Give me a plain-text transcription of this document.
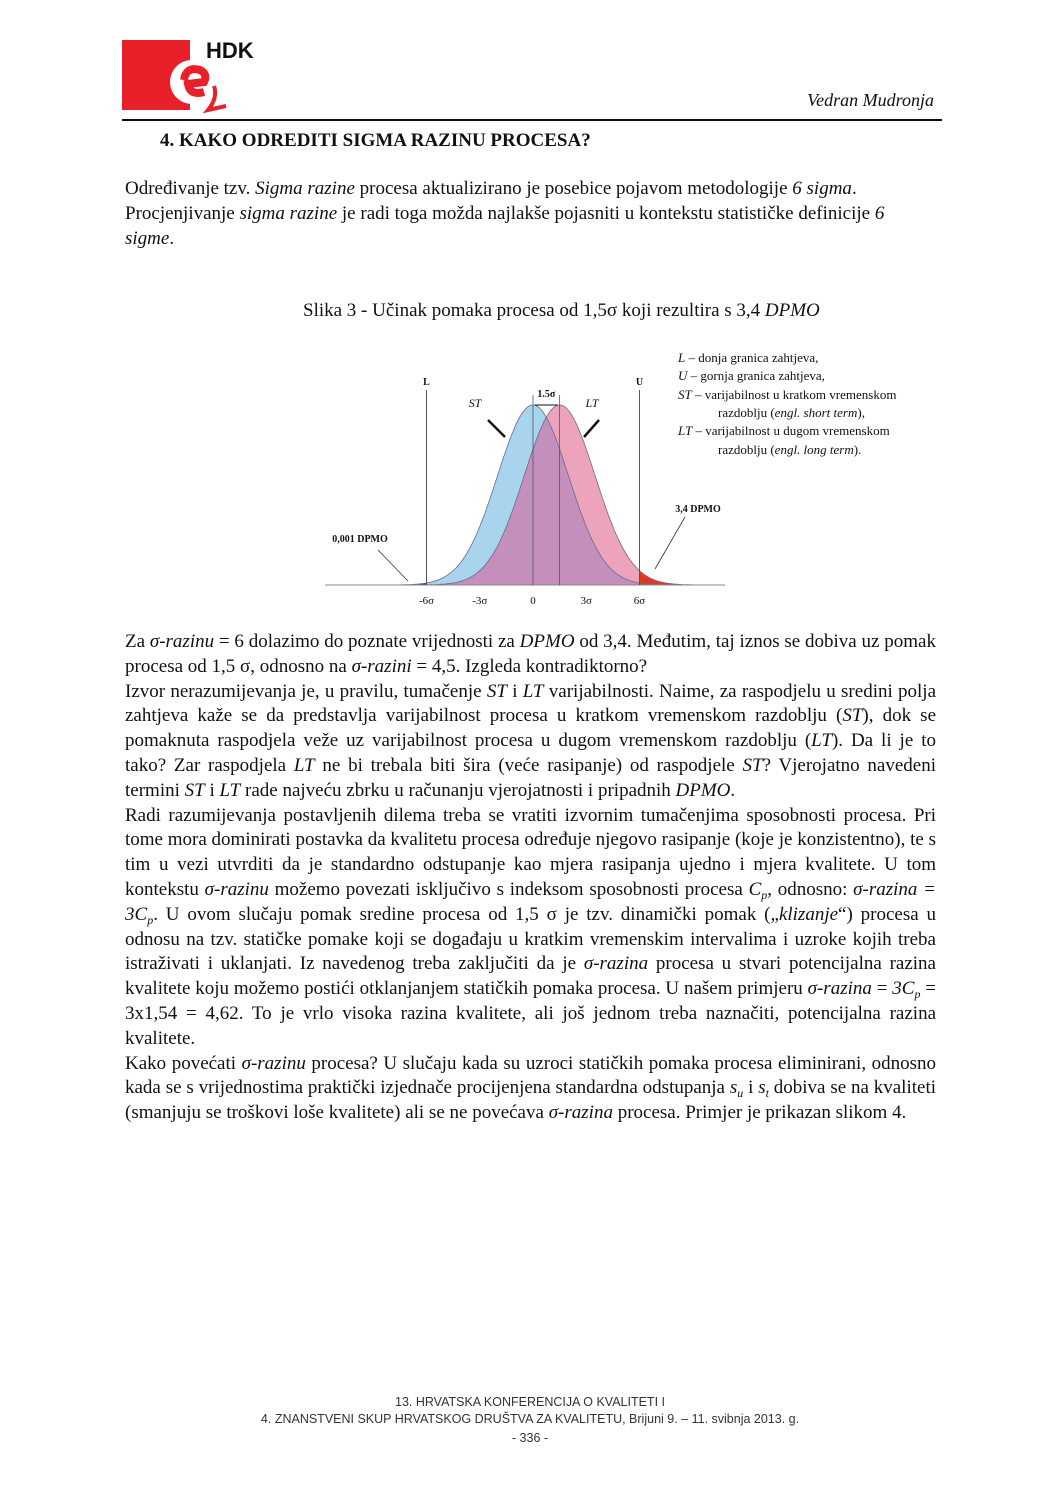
HDK
Vedran Mudronja
4. KAKO ODREDITI SIGMA RAZINU PROCESA?
Određivanje tzv. Sigma razine procesa aktualizirano je posebice pojavom metodologije 6 sigma. Procjenjivanje sigma razine je radi toga možda najlakše pojasniti u kontekstu statističke definicije 6 sigme.
Slika 3 - Učinak pomaka procesa od 1,5σ koji rezultira s 3,4 DPMO
L	U
1.5σ
ST	LT
0,001 DPMO
3,4 DPMO
-6σ	-3σ	0	3σ	6σ
L – donja granica zahtjeva,
U – gornja granica zahtjeva,
ST – varijabilnost u kratkom vremenskom
razdoblju (engl. short term),
LT – varijabilnost u dugom vremenskom
razdoblju (engl. long term).
Za σ-razinu = 6 dolazimo do poznate vrijednosti za DPMO od 3,4. Međutim, taj iznos se dobiva uz pomak procesa od 1,5 σ, odnosno na σ-razini = 4,5. Izgleda kontradiktorno?
Izvor nerazumijevanja je, u pravilu, tumačenje ST i LT varijabilnosti. Naime, za raspodjelu u sredini polja zahtjeva kaže se da predstavlja varijabilnost procesa u kratkom vremenskom razdoblju (ST), dok se pomaknuta raspodjela veže uz varijabilnost procesa u dugom vremenskom razdoblju (LT). Da li je to tako? Zar raspodjela LT ne bi trebala biti šira (veće rasipanje) od raspodjele ST? Vjerojatno navedeni termini ST i LT rade najveću zbrku u računanju vjerojatnosti i pripadnih DPMO.
Radi razumijevanja postavljenih dilema treba se vratiti izvornim tumačenjima sposobnosti procesa. Pri tome mora dominirati postavka da kvalitetu procesa određuje njegovo rasipanje (koje je konzistentno), te s tim u vezi utvrditi da je standardno odstupanje kao mjera rasipanja ujedno i mjera kvalitete. U tom kontekstu σ-razinu možemo povezati isključivo s indeksom sposobnosti procesa $C_p$, odnosno: σ-razina = $3C_p$. U ovom slučaju pomak sredine procesa od 1,5 σ je tzv. dinamički pomak („klizanje“) procesa u odnosu na tzv. statičke pomake koji se događaju u kratkim vremenskim intervalima i uzroke kojih treba istraživati i uklanjati. Iz navedenog treba zaključiti da je σ-razina procesa u stvari potencijalna razina kvalitete koju možemo postići otklanjanjem statičkih pomaka procesa. U našem primjeru σ-razina = $3C_p = 3x1,54 = 4,62$. To je vrlo visoka razina kvalitete, ali još jednom treba naznačiti, potencijalna razina kvalitete.
Kako povećati σ-razinu procesa? U slučaju kada su uzroci statičkih pomaka procesa eliminirani, odnosno kada se s vrijednostima praktički izjednače procijenjena standardna odstupanja $s_u$ i $s_t$ dobiva se na kvaliteti (smanjuju se troškovi loše kvalitete) ali se ne povećava σ-razina procesa. Primjer je prikazan slikom 4.
13. HRVATSKA KONFERENCIJA O KVALITETI I
4. ZNANSTVENI SKUP HRVATSKOG DRUŠTVA ZA KVALITETU, Brijuni 9. – 11. svibnja 2013. g.
- 336 -
